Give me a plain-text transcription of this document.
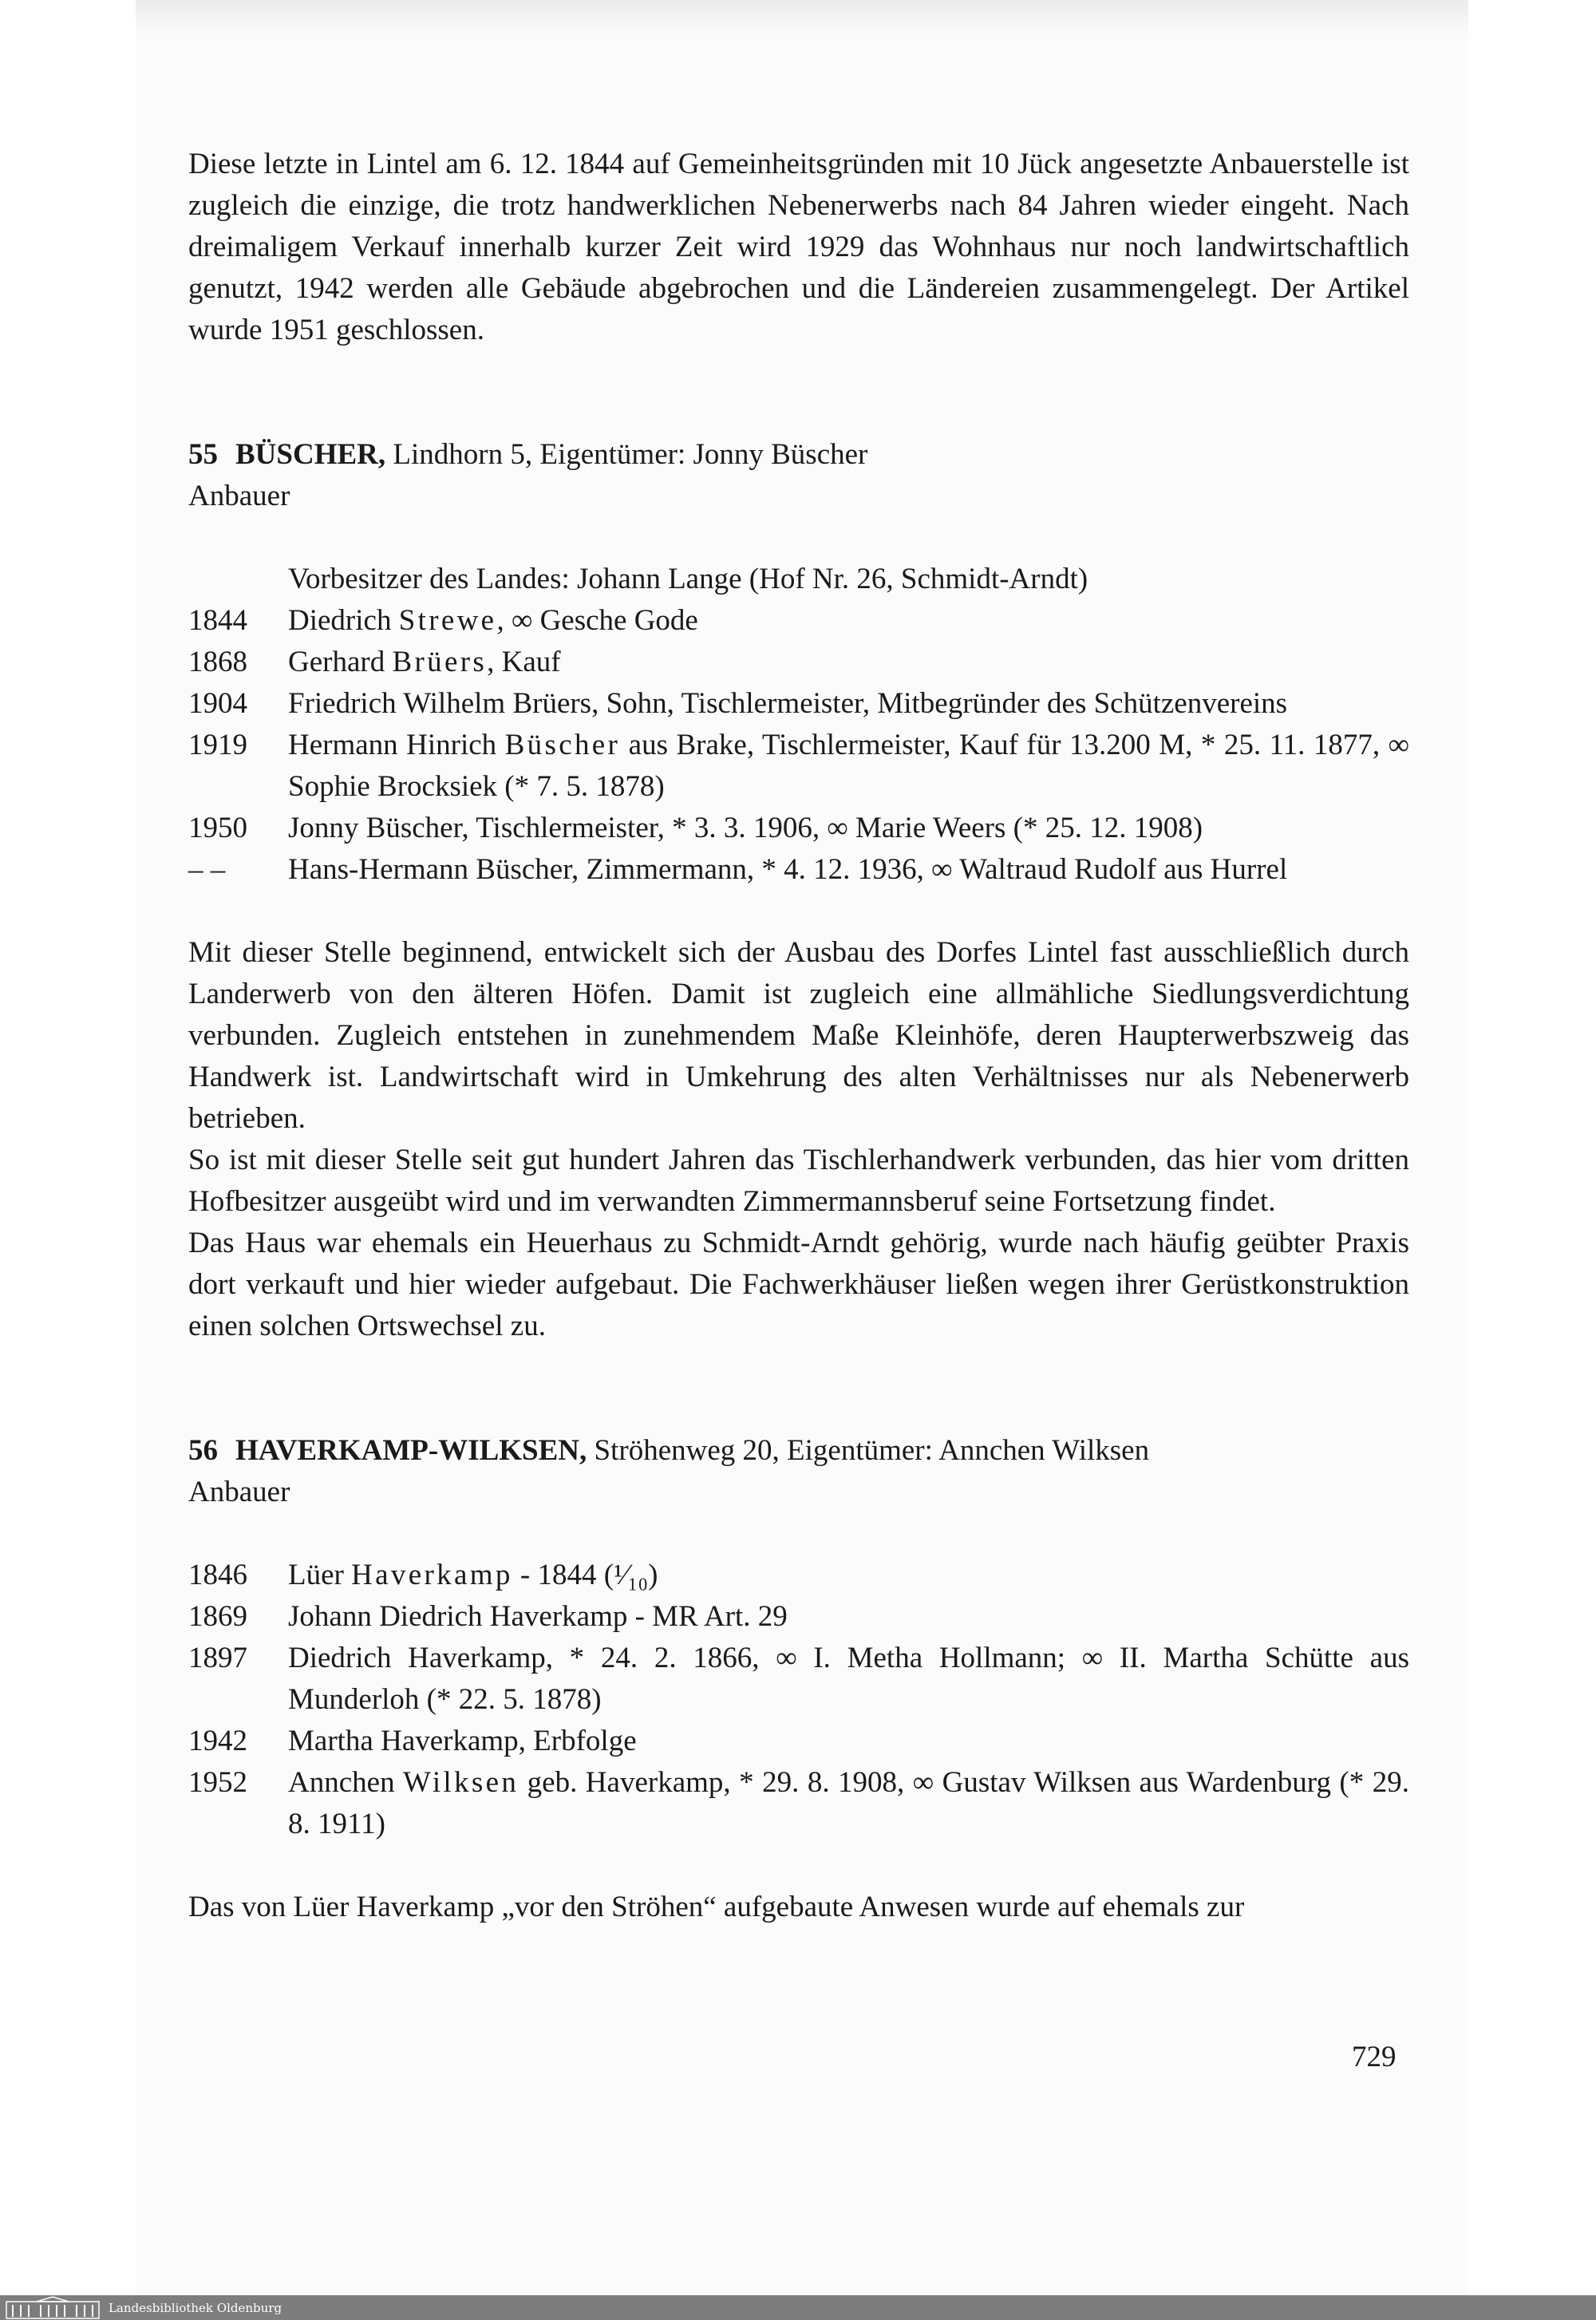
Diese letzte in Lintel am 6. 12. 1844 auf Gemeinheitsgründen mit 10 Jück angesetzte Anbauerstelle ist zugleich die einzige, die trotz handwerklichen Nebenerwerbs nach 84 Jahren wieder eingeht. Nach dreimaligem Verkauf innerhalb kurzer Zeit wird 1929 das Wohnhaus nur noch landwirtschaftlich genutzt, 1942 werden alle Gebäude abgebrochen und die Ländereien zusammengelegt. Der Artikel wurde 1951 geschlossen.

55 BÜSCHER, Lindhorn 5, Eigentümer: Jonny Büscher
Anbauer
Vorbesitzer des Landes: Johann Lange (Hof Nr. 26, Schmidt-Arndt)
1844	Diedrich Strewe, ∞ Gesche Gode
1868	Gerhard Brüers, Kauf
1904	Friedrich Wilhelm Brüers, Sohn, Tischlermeister, Mitbegründer des Schützenvereins
1919	Hermann Hinrich Büscher aus Brake, Tischlermeister, Kauf für 13.200 M, * 25. 11. 1877, ∞ Sophie Brocksiek (* 7. 5. 1878)
1950	Jonny Büscher, Tischlermeister, * 3. 3. 1906, ∞ Marie Weers (* 25. 12. 1908)
– –	Hans-Hermann Büscher, Zimmermann, * 4. 12. 1936, ∞ Waltraud Rudolf aus Hurrel

Mit dieser Stelle beginnend, entwickelt sich der Ausbau des Dorfes Lintel fast ausschließlich durch Landerwerb von den älteren Höfen. Damit ist zugleich eine allmähliche Siedlungsverdichtung verbunden. Zugleich entstehen in zunehmendem Maße Kleinhöfe, deren Haupterwerbszweig das Handwerk ist. Landwirtschaft wird in Umkehrung des alten Verhältnisses nur als Nebenerwerb betrieben.

So ist mit dieser Stelle seit gut hundert Jahren das Tischlerhandwerk verbunden, das hier vom dritten Hofbesitzer ausgeübt wird und im verwandten Zimmermannsberuf seine Fortsetzung findet.

Das Haus war ehemals ein Heuerhaus zu Schmidt-Arndt gehörig, wurde nach häufig geübter Praxis dort verkauft und hier wieder aufgebaut. Die Fachwerkhäuser ließen wegen ihrer Gerüstkonstruktion einen solchen Ortswechsel zu.

56 HAVERKAMP-WILKSEN, Ströhenweg 20, Eigentümer: Annchen Wilksen
Anbauer
1846	Lüer Haverkamp - 1844 (¹⁄₁₀)
1869	Johann Diedrich Haverkamp - MR Art. 29
1897	Diedrich Haverkamp, * 24. 2. 1866, ∞ I. Metha Hollmann; ∞ II. Martha Schütte aus Munderloh (* 22. 5. 1878)
1942	Martha Haverkamp, Erbfolge
1952	Annchen Wilksen geb. Haverkamp, * 29. 8. 1908, ∞ Gustav Wilksen aus Wardenburg (* 29. 8. 1911)

Das von Lüer Haverkamp „vor den Ströhen“ aufgebaute Anwesen wurde auf ehemals zur

729
Landesbibliothek Oldenburg
